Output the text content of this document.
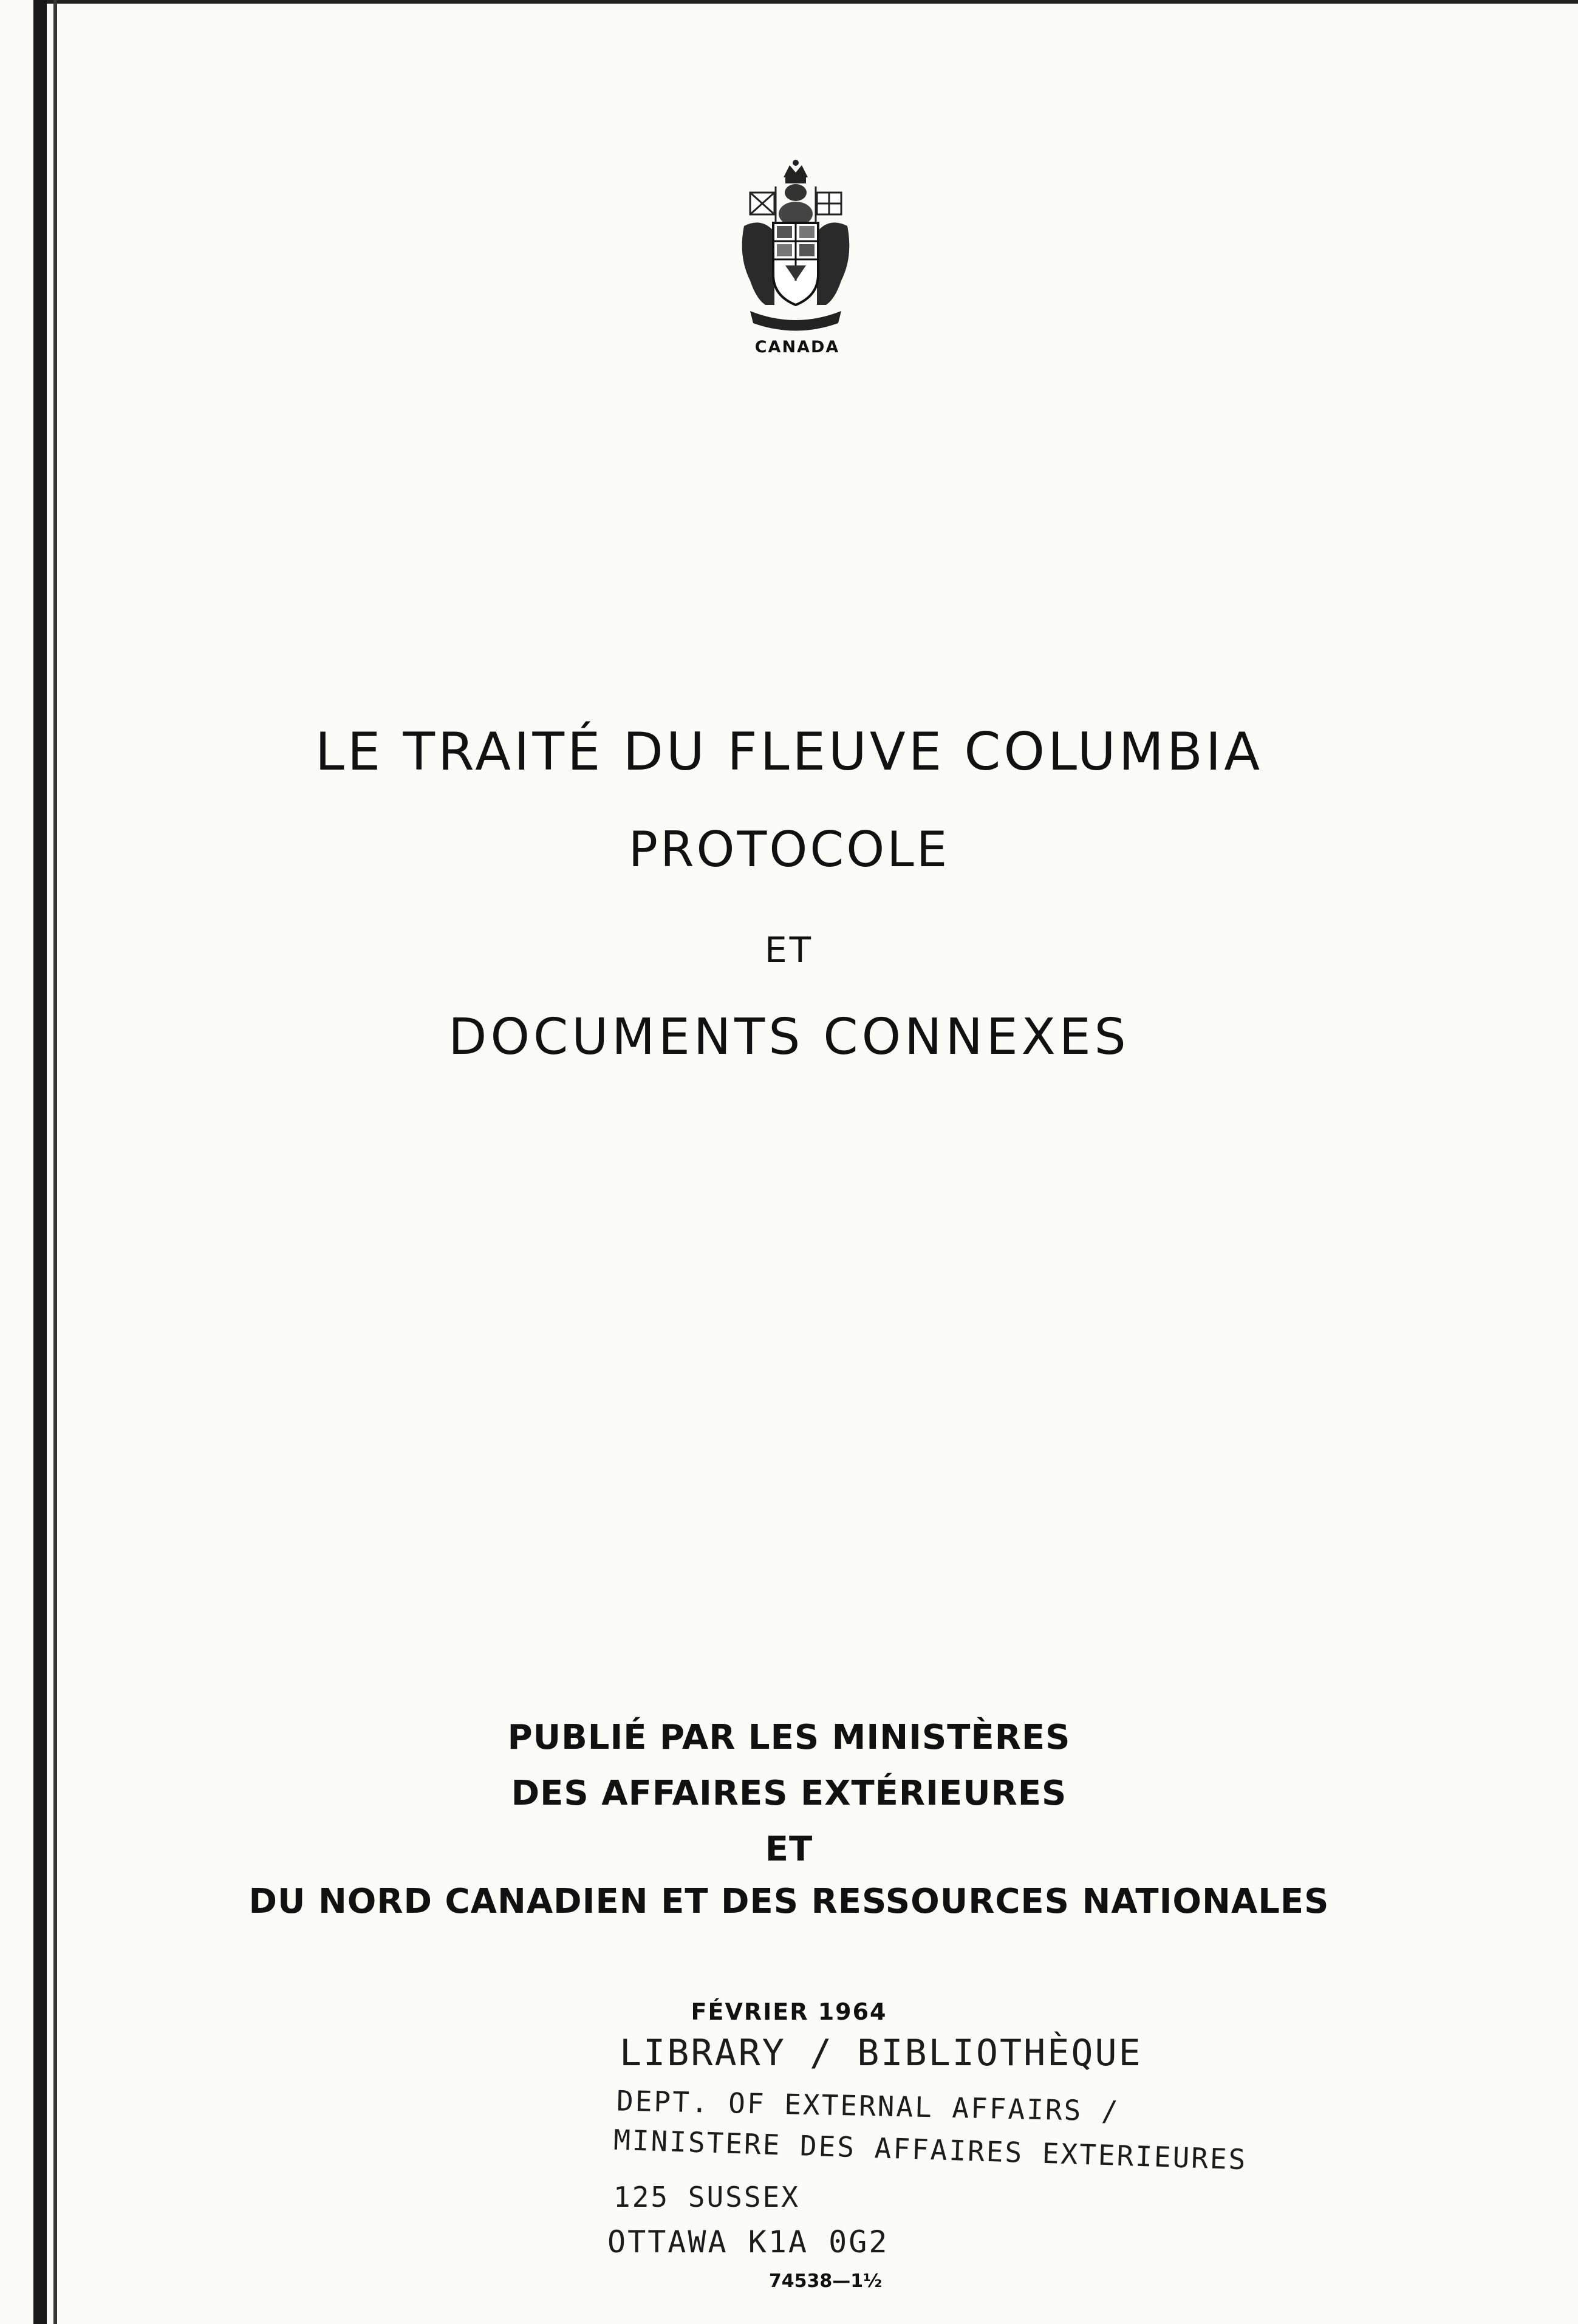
CANADA
LE TRAITÉ DU FLEUVE COLUMBIA
PROTOCOLE
ET
DOCUMENTS CONNEXES
PUBLIÉ PAR LES MINISTÈRES
DES AFFAIRES EXTÉRIEURES
ET
DU NORD CANADIEN ET DES RESSOURCES NATIONALES
FÉVRIER 1964
LIBRARY / BIBLIOTHÈQUE
DEPT. OF EXTERNAL AFFAIRS /
MINISTERE DES AFFAIRES EXTERIEURES
125 SUSSEX
OTTAWA K1A 0G2
74538—1½
